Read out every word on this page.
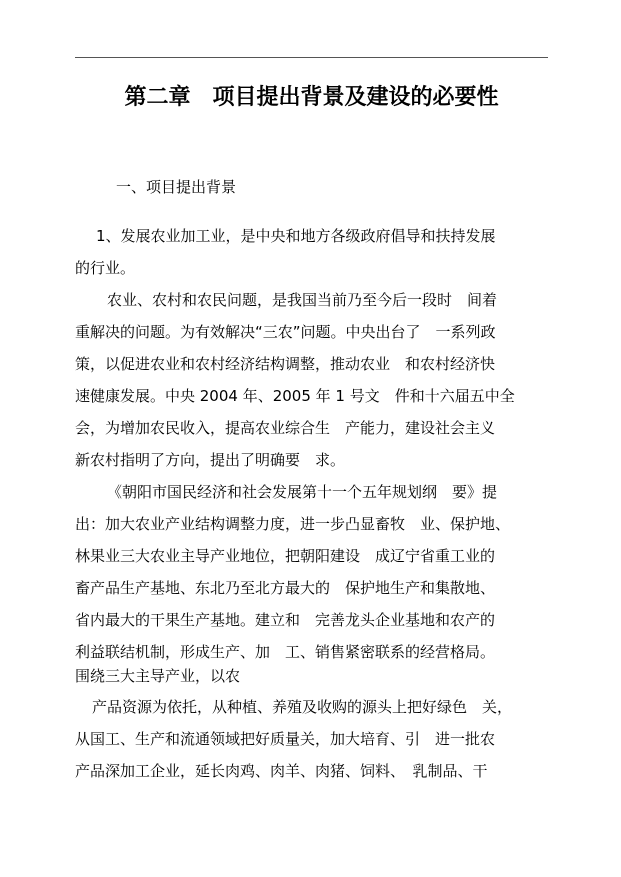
第二章　项目提出背景及建设的必要性
一、项目提出背景
1、发展农业加工业，是中央和地方各级政府倡导和扶持发展
的行业。
农业、农村和农民问题，是我国当前乃至今后一段时　间着
重解决的问题。为有效解决“三农”问题。中央出台了　一系列政
策，以促进农业和农村经济结构调整，推动农业　和农村经济快
速健康发展。中央 2004 年、2005 年 1 号文　件和十六届五中全
会，为增加农民收入，提高农业综合生　产能力，建设社会主义
新农村指明了方向，提出了明确要　求。
《朝阳市国民经济和社会发展第十一个五年规划纲　要》提
出：加大农业产业结构调整力度，进一步凸显畜牧　业、保护地、
林果业三大农业主导产业地位，把朝阳建设　成辽宁省重工业的
畜产品生产基地、东北乃至北方最大的　保护地生产和集散地、
省内最大的干果生产基地。建立和　完善龙头企业基地和农产的
利益联结机制，形成生产、加　工、销售紧密联系的经营格局。
围绕三大主导产业，以农
产品资源为依托，从种植、养殖及收购的源头上把好绿色　关，
从国工、生产和流通领域把好质量关，加大培育、引　进一批农
产品深加工企业，延长肉鸡、肉羊、肉猪、饲料、　乳制品、干
